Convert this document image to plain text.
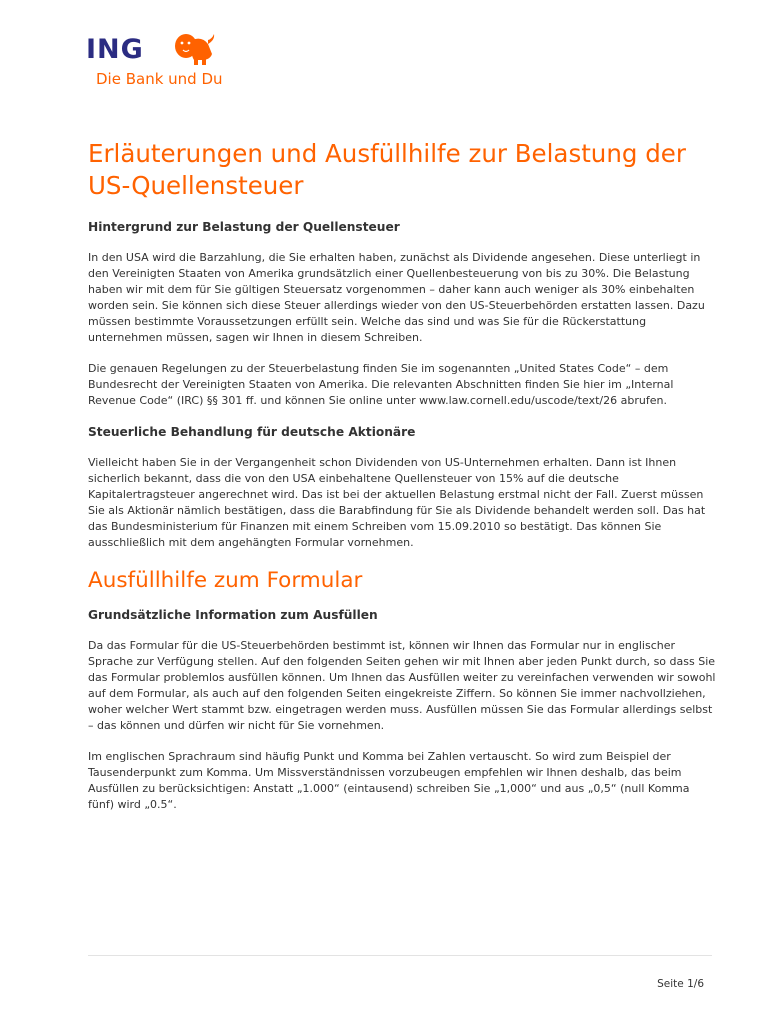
ING
Die Bank und Du
Erläuterungen und Ausfüllhilfe zur Belastung der US-Quellensteuer
Hintergrund zur Belastung der Quellensteuer

In den USA wird die Barzahlung, die Sie erhalten haben, zunächst als Dividende angesehen. Diese unterliegt in den Vereinigten Staaten von Amerika grundsätzlich einer Quellenbesteuerung von bis zu 30%. Die Belastung haben wir mit dem für Sie gültigen Steuersatz vorgenommen – daher kann auch weniger als 30% einbehalten worden sein. Sie können sich diese Steuer allerdings wieder von den US-Steuerbehörden erstatten lassen. Dazu müssen bestimmte Voraussetzungen erfüllt sein. Welche das sind und was Sie für die Rückerstattung unternehmen müssen, sagen wir Ihnen in diesem Schreiben.

Die genauen Regelungen zu der Steuerbelastung finden Sie im sogenannten „United States Code“ – dem Bundesrecht der Vereinigten Staaten von Amerika. Die relevanten Abschnitten finden Sie hier im „Internal Revenue Code“ (IRC) §§ 301 ff. und können Sie online unter www.law.cornell.edu/uscode/text/26 abrufen.

Steuerliche Behandlung für deutsche Aktionäre

Vielleicht haben Sie in der Vergangenheit schon Dividenden von US-Unternehmen erhalten. Dann ist Ihnen sicherlich bekannt, dass die von den USA einbehaltene Quellensteuer von 15% auf die deutsche Kapitalertragsteuer angerechnet wird. Das ist bei der aktuellen Belastung erstmal nicht der Fall. Zuerst müssen Sie als Aktionär nämlich bestätigen, dass die Barabfindung für Sie als Dividende behandelt werden soll. Das hat das Bundesministerium für Finanzen mit einem Schreiben vom 15.09.2010 so bestätigt. Das können Sie ausschließlich mit dem angehängten Formular vornehmen.

Ausfüllhilfe zum Formular
Grundsätzliche Information zum Ausfüllen

Da das Formular für die US-Steuerbehörden bestimmt ist, können wir Ihnen das Formular nur in englischer Sprache zur Verfügung stellen. Auf den folgenden Seiten gehen wir mit Ihnen aber jeden Punkt durch, so dass Sie das Formular problemlos ausfüllen können. Um Ihnen das Ausfüllen weiter zu vereinfachen verwenden wir sowohl auf dem Formular, als auch auf den folgenden Seiten eingekreiste Ziffern. So können Sie immer nachvollziehen, woher welcher Wert stammt bzw. eingetragen werden muss. Ausfüllen müssen Sie das Formular allerdings selbst – das können und dürfen wir nicht für Sie vornehmen.

Im englischen Sprachraum sind häufig Punkt und Komma bei Zahlen vertauscht. So wird zum Beispiel der Tausenderpunkt zum Komma. Um Missverständnissen vorzubeugen empfehlen wir Ihnen deshalb, das beim Ausfüllen zu berücksichtigen: Anstatt „1.000“ (eintausend) schreiben Sie „1,000“ und aus „0,5“ (null Komma fünf) wird „0.5“.

Seite 1/6
